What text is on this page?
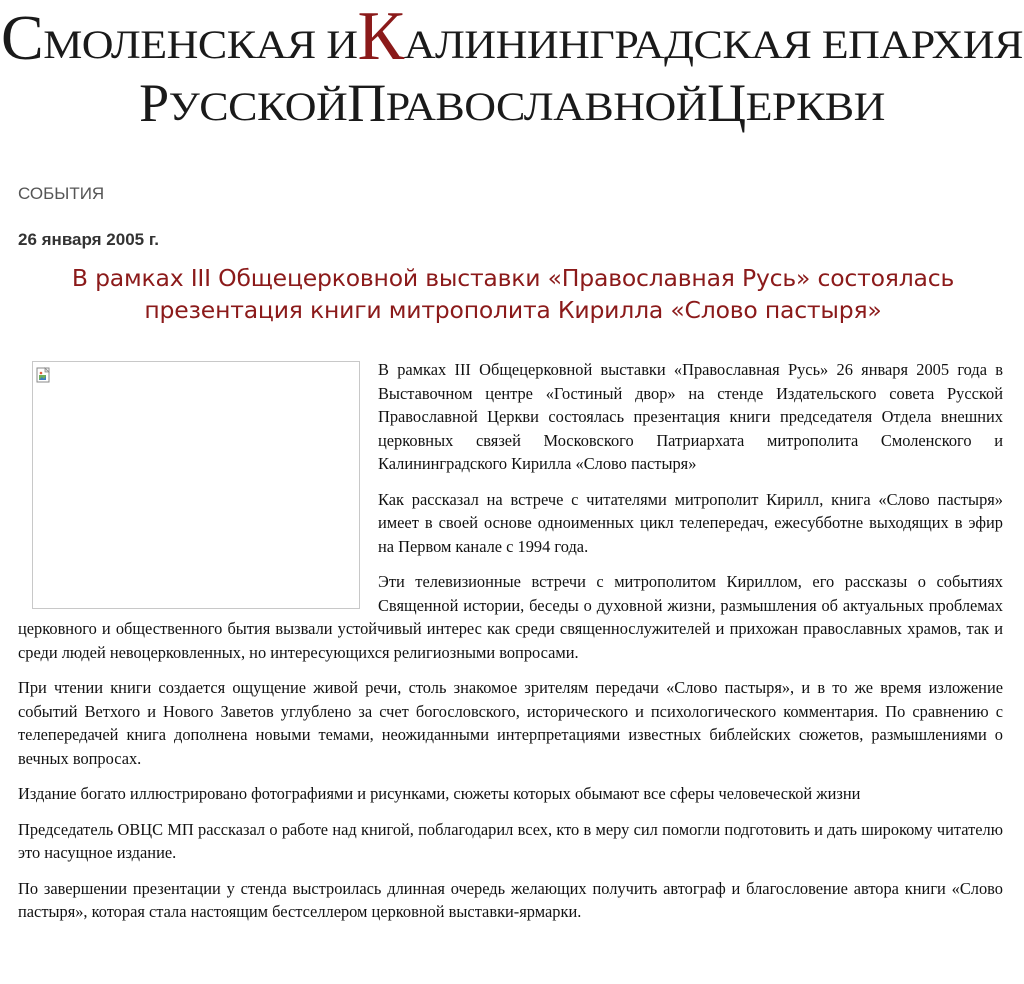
СМОЛЕНСКАЯ ИКАЛИНИНГРАДСКАЯ ЕПАРХИЯ
РУССКОЙПРАВОСЛАВНОЙЦЕРКВИ
СОБЫТИЯ
26 января 2005 г.
В рамках III Общецерковной выставки «Православная Русь» состоялась презентация книги митрополита Кирилла «Слово пастыря»

В рамках III Общецерковной выставки «Православная Русь» 26 января 2005 года в Выставочном центре «Гостиный двор» на стенде Издательского совета Русской Православной Церкви состоялась презентация книги председателя Отдела внешних церковных связей Московского Патриархата митрополита Смоленского и Калининградского Кирилла «Слово пастыря»

Как рассказал на встрече с читателями митрополит Кирилл, книга «Слово пастыря» имеет в своей основе одноименных цикл телепередач, ежесубботне выходящих в эфир на Первом канале с 1994 года.

Эти телевизионные встречи с митрополитом Кириллом, его рассказы о событиях Священной истории, беседы о духовной жизни, размышления об актуальных проблемах церковного и общественного бытия вызвали устойчивый интерес как среди священнослужителей и прихожан православных храмов, так и среди людей невоцерковленных, но интересующихся религиозными вопросами.

При чтении книги создается ощущение живой речи, столь знакомое зрителям передачи «Слово пастыря», и в то же время изложение событий Ветхого и Нового Заветов углублено за счет богословского, исторического и психологического комментария. По сравнению с телепередачей книга дополнена новыми темами, неожиданными интерпретациями известных библейских сюжетов, размышлениями о вечных вопросах.

Издание богато иллюстрировано фотографиями и рисунками, сюжеты которых обымают все сферы человеческой жизни

Председатель ОВЦС МП рассказал о работе над книгой, поблагодарил всех, кто в меру сил помогли подготовить и дать широкому читателю это насущное издание.

По завершении презентации у стенда выстроилась длинная очередь желающих получить автограф и благословение автора книги «Слово пастыря», которая стала настоящим бестселлером церковной выставки-ярмарки.
